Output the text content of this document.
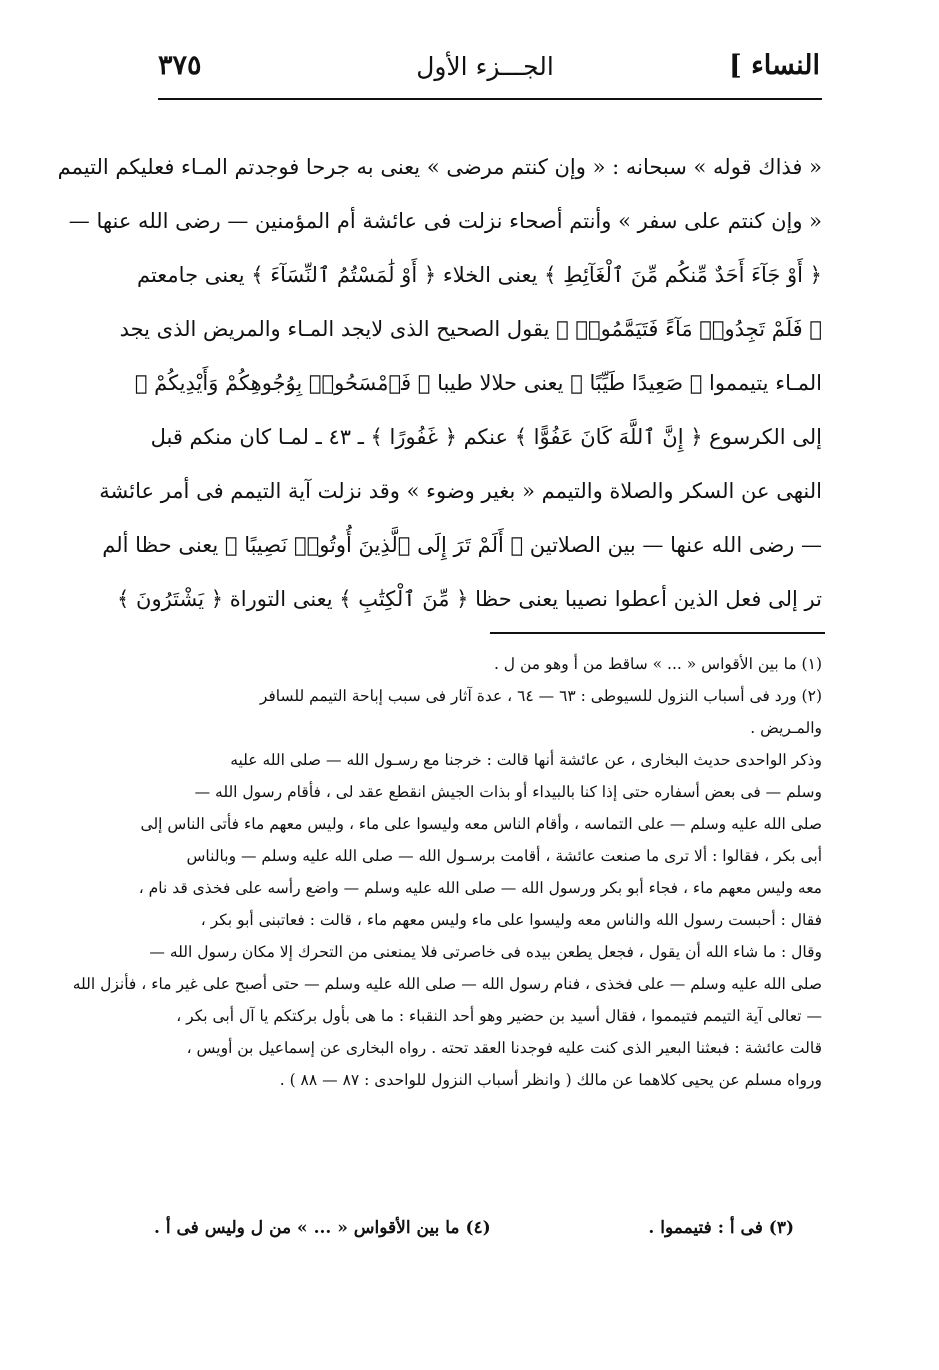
النساء ]
الجـــزء الأول
٣٧٥
« فذاك قوله » سبحانه : « وإن كنتم مرضى » يعنى به جرحا فوجدتم المـاء فعليكم التيمم
« وإن كنتم على سفر » وأنتم أصحاء نزلت فى عائشة أم المؤمنين — رضى الله عنها —
﴿ أَوْ جَآءَ أَحَدٌ مِّنكُم مِّنَ ٱلْغَآئِطِ ﴾ يعنى الخلاء ﴿ أَوْ لَٰمَسْتُمُ ٱلنِّسَآءَ ﴾ يعنى جامعتم
﴿ فَلَمْ تَجِدُوا۟ مَآءً فَتَيَمَّمُوا۟ ﴾ يقول الصحيح الذى لايجد المـاء والمريض الذى يجد
المـاء يتيمموا ﴿ صَعِيدًا طَيِّبًا ﴾ يعنى حلالا طيبا ﴿ فَٱمْسَحُوا۟ بِوُجُوهِكُمْ وَأَيْدِيكُمْ ﴾
إلى الكرسوع ﴿ إِنَّ ٱللَّهَ كَانَ عَفُوًّا ﴾ عنكم ﴿ غَفُورًا ﴾ ـ ٤٣ ـ لمـا كان منكم قبل
النهى عن السكر والصلاة والتيمم « بغير وضوء » وقد نزلت آية التيمم فى أمر عائشة
— رضى الله عنها — بين الصلاتين ﴿ أَلَمْ تَرَ إِلَى ٱلَّذِينَ أُوتُوا۟ نَصِيبًا ﴾ يعنى حظا ألم
تر إلى فعل الذين أعطوا نصيبا يعنى حظا ﴿ مِّنَ ٱلْكِتَٰبِ ﴾ يعنى التوراة ﴿ يَشْتَرُونَ ﴾
(١) ما بين الأقواس « ... » ساقط من أ وهو من ل .
(٢) ورد فى أسباب النزول للسيوطى : ٦٣ — ٦٤ ، عدة آثار فى سبب إباحة التيمم للسافر
والمـريض .
وذكر الواحدى حديث البخارى ، عن عائشة أنها قالت : خرجنا مع رسـول الله — صلى الله عليه
وسلم — فى بعض أسفاره حتى إذا كنا بالبيداء أو بذات الجيش انقطع عقد لى ، فأقام رسول الله —
صلى الله عليه وسلم — على التماسه ، وأقام الناس معه وليسوا على ماء ، وليس معهم ماء فأتى الناس إلى
أبى بكر ، فقالوا : ألا ترى ما صنعت عائشة ، أقامت برسـول الله — صلى الله عليه وسلم — وبالناس
معه وليس معهم ماء ، فجاء أبو بكر ورسول الله — صلى الله عليه وسلم — واضع رأسه على فخذى قد نام ،
فقال : أحبست رسول الله والناس معه وليسوا على ماء وليس معهم ماء ، قالت : فعاتبنى أبو بكر ،
وقال : ما شاء الله أن يقول ، فجعل يطعن بيده فى خاصرتى فلا يمنعنى من التحرك إلا مكان رسول الله —
صلى الله عليه وسلم — على فخذى ، فنام رسول الله — صلى الله عليه وسلم — حتى أصبح على غير ماء ، فأنزل الله
— تعالى آية التيمم فتيمموا ، فقال أسيد بن حضير وهو أحد النقباء : ما هى بأول بركتكم يا آل أبى بكر ،
قالت عائشة : فبعثنا البعير الذى كنت عليه فوجدنا العقد تحته . رواه البخارى عن إسماعيل بن أويس ،
ورواه مسلم عن يحيى كلاهما عن مالك ( وانظر أسباب النزول للواحدى : ٨٧ — ٨٨ ) .
(٣) فى أ : فتيمموا .
(٤) ما بين الأقواس « ... » من ل وليس فى أ .
